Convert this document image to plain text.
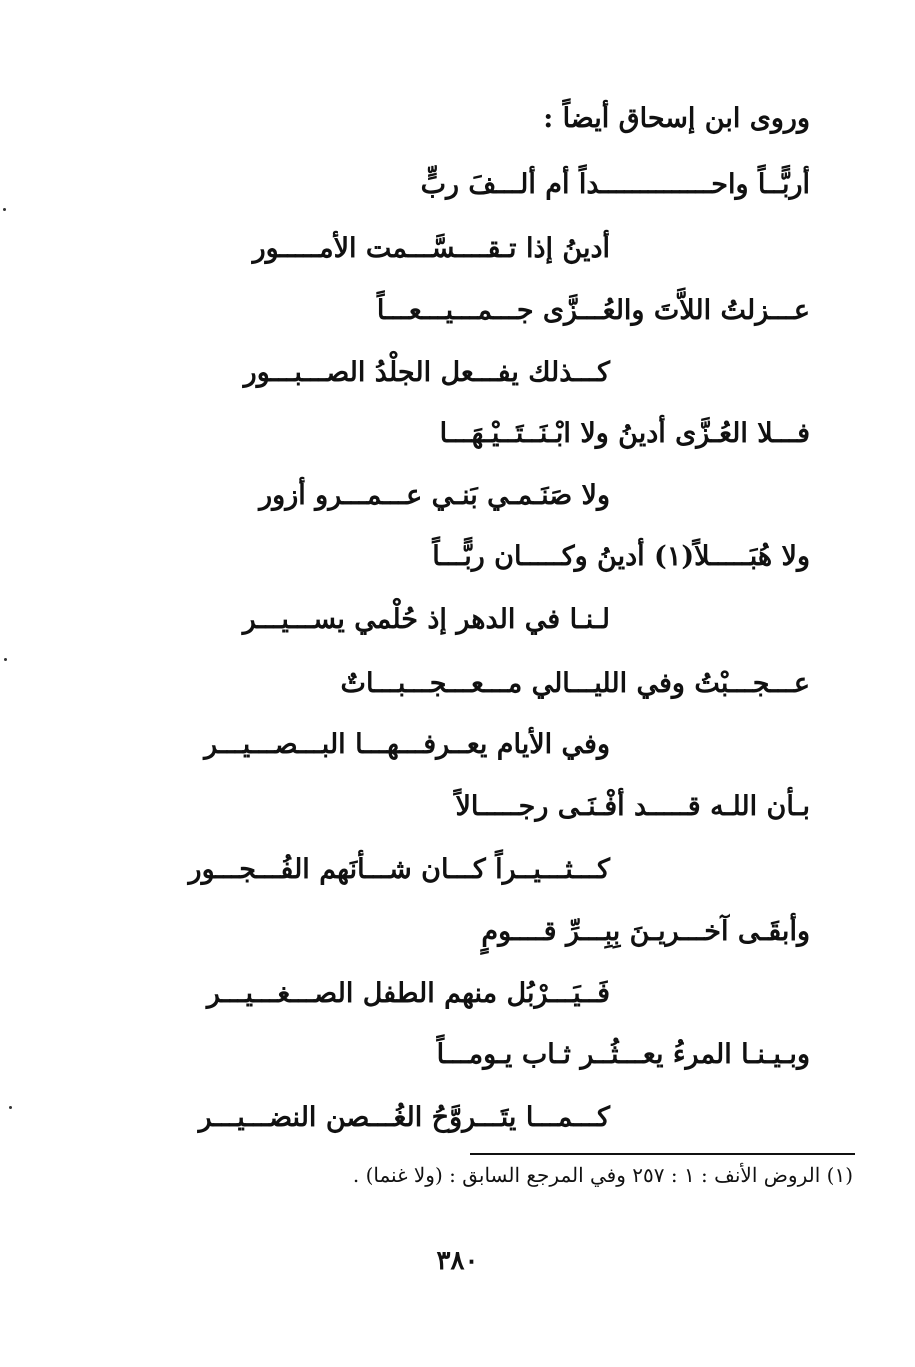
وروى ابن إسحاق أيضاً :
أربًّــاً واحــــــــــــــداً أم ألـــفَ ربٍّ
أدينُ إذا تـقــــسَّـــمت الأمـــــور
عـــزلتُ اللاَّتَ والعُـــزَّى جـــمـــيـــعـــاً
كـــذلك يفـــعل الجلْدُ الصـــبـــور
فـــلا العُـزَّى أدينُ ولا ابْـنَــتَــيْـهَـــا
ولا صَنَـمـي بَنـي عـــمـــرو أزور
ولا هُبَـــــلاً(١) أدينُ وكـــــان ربًّـــاً
لـنـا في الدهر إذ حُلْمي يســـيـــر
عـــجـــبْتُ وفي الليـــالي مـــعـــجـــبـــاتٌ
وفي الأيام يعــرفـــهـــا البـــصـــيـــر
بـأن اللـه قـــــد أفْـنَـى رجـــــالاً
كـــثـــيــراً كـــان شـــأنَهم الفُـــجـــور
وأبقَـى آخـــريـنَ بِبِـــرِّ قــــومٍ
فَــيَـــرْبُل منهم الطفل الصـــغـــيـــر
وبـيـنـا المرءُ يعـــثُــر ثـاب يـومـــاً
كـــمـــا يتَـــروَّحُ الغُـــصن النضـــيـــر
(١) الروض الأنف : ١ : ٢٥٧ وفي المرجع السابق : (ولا غنما) .
٣٨٠
